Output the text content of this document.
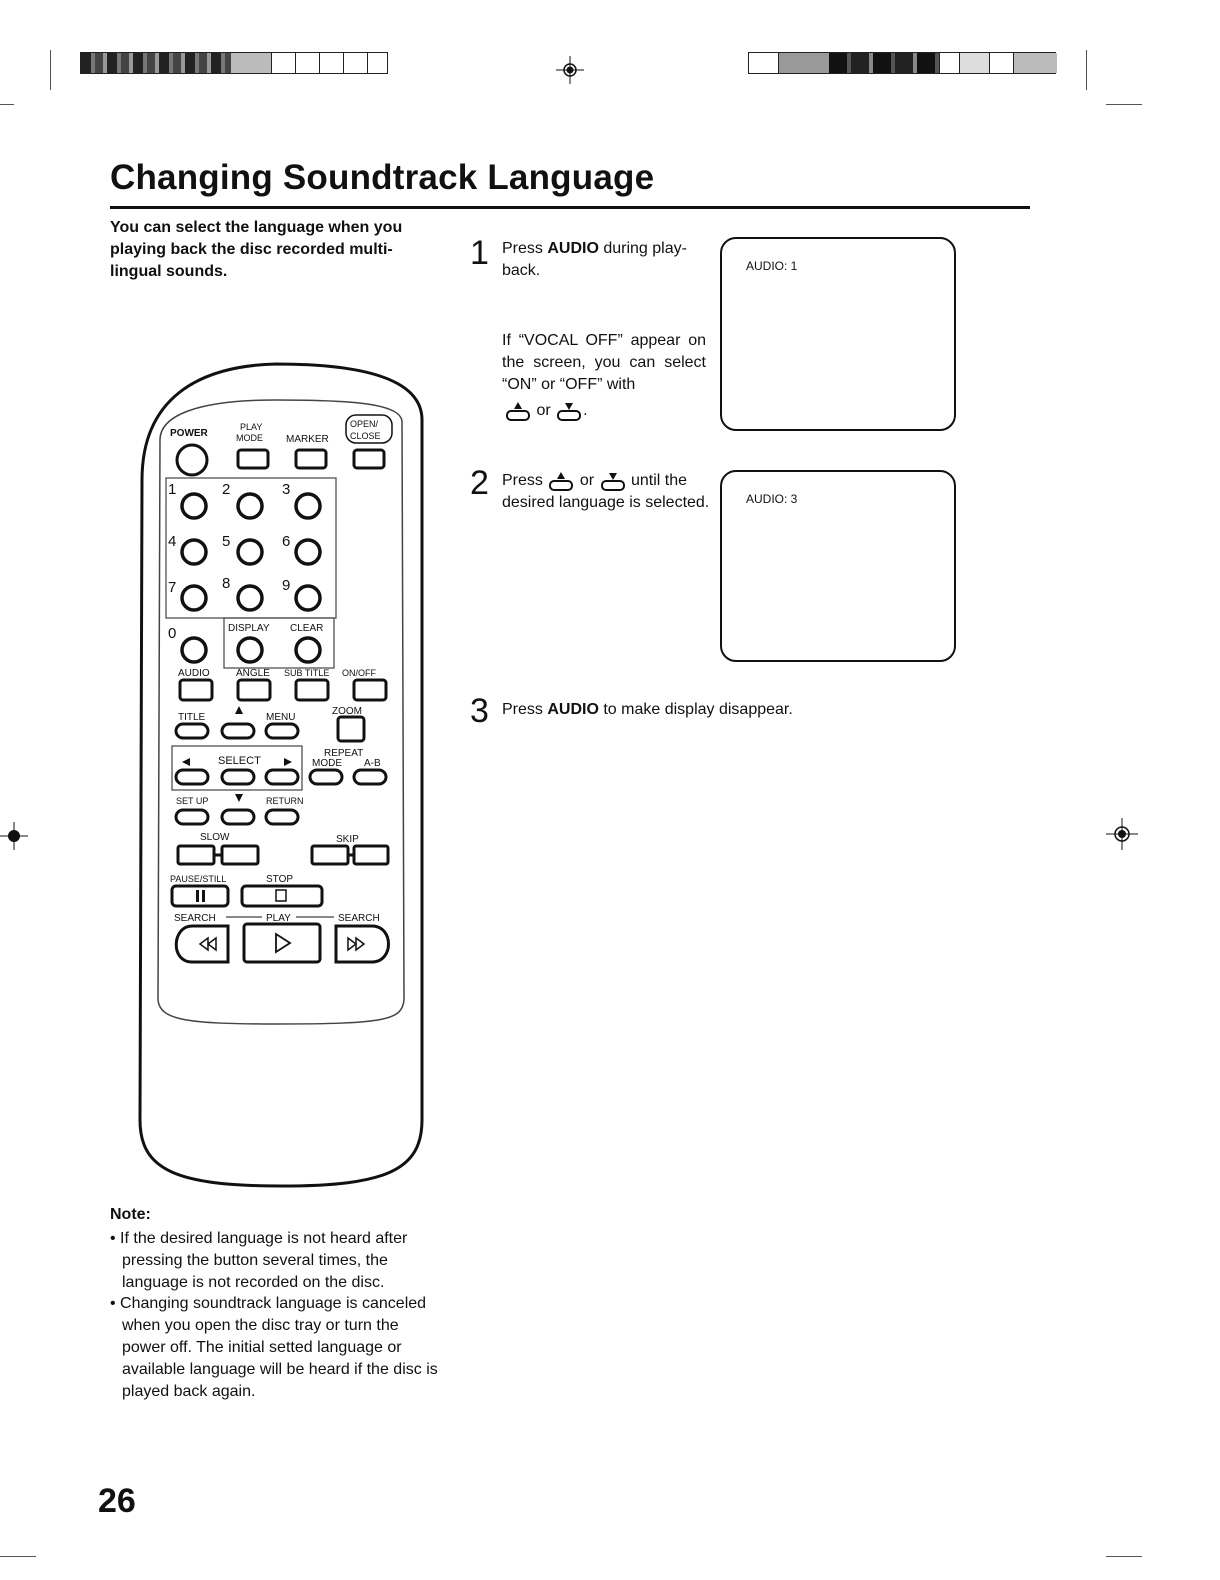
Changing Soundtrack Language

You can select the language when you playing back the disc recorded multi-lingual sounds.	1 Press AUDIO during play-back.
If “VOCAL OFF” appear on the screen, you can select “ON” or “OFF” with
or .
AUDIO: 1
2 Press or until the desired language is selected.	AUDIO: 3
3 Press AUDIO to make display disappear.
POWER
PLAY
MODE MARKER
OPEN/
CLOSE
1	2	3
4	5	6
7	8	9
0	DISPLAY CLEAR
AUDIO	ANGLE SUB TITLE ON/OFF
TITLE	MENU
ZOOM
SELECT
REPEAT
MODE A-B
SET UP	RETURN
SLOW	SKIP
PAUSE/STILL	STOP
SEARCH	PLAY	SEARCH
Note:
• If the desired language is not heard after pressing the button several times, the language is not recorded on the disc.
• Changing soundtrack language is canceled when you open the disc tray or turn the power off. The initial setted language or available language will be heard if the disc is played back again.
26
